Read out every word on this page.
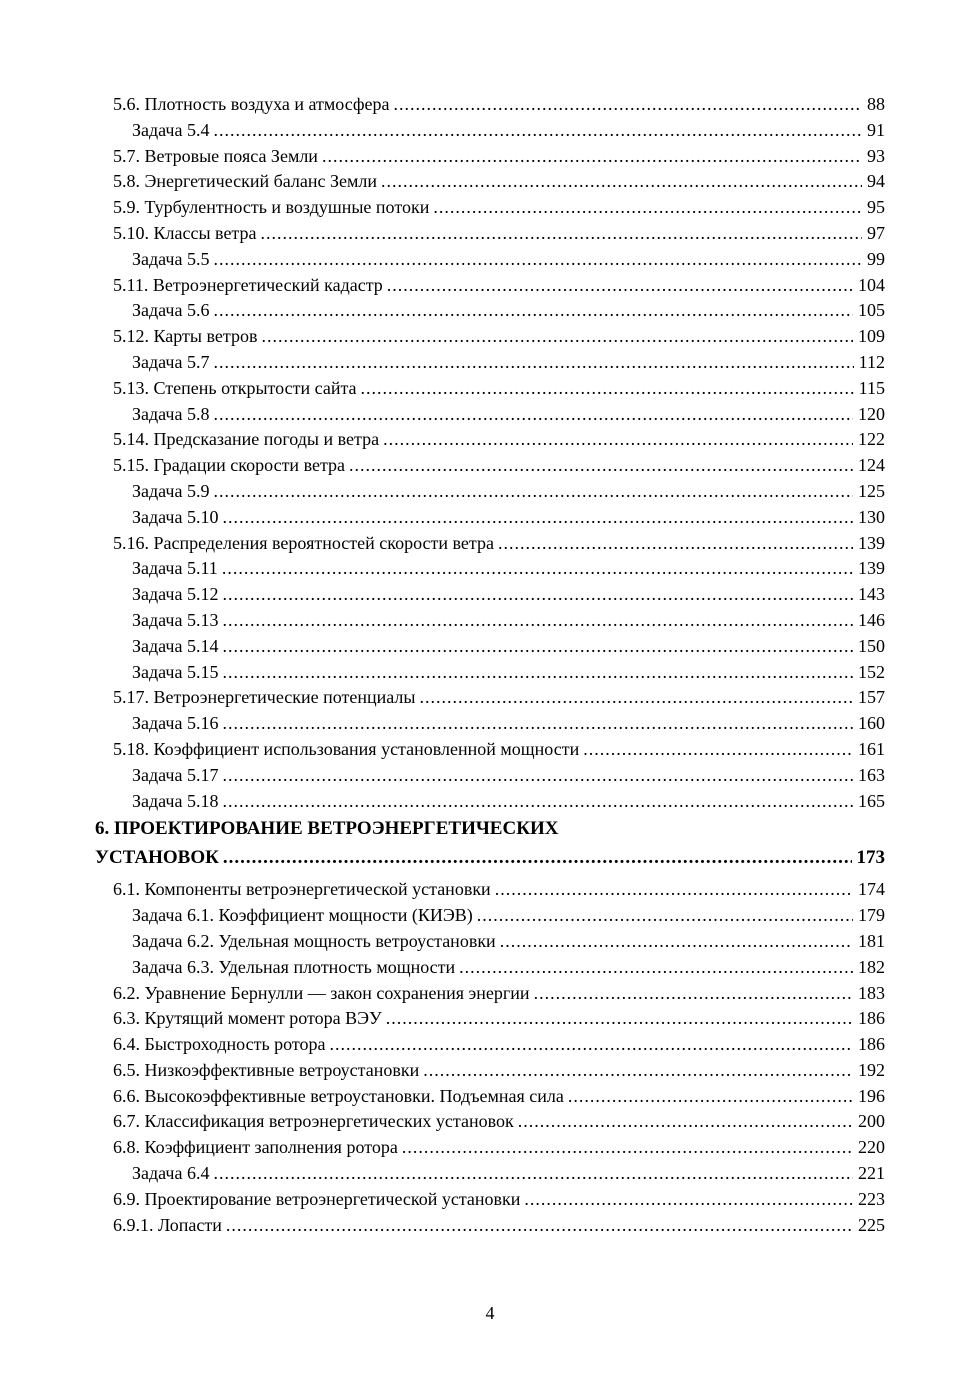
5.6. Плотность воздуха и атмосфера .....	88
Задача 5.4 .....	91
5.7. Ветровые пояса Земли .....	93
5.8. Энергетический баланс Земли .....	94
5.9. Турбулентность и воздушные потоки .....	95
5.10. Классы ветра .....	97
Задача 5.5 .....	99
5.11. Ветроэнергетический кадастр .....	104
Задача 5.6 .....	105
5.12. Карты ветров .....	109
Задача 5.7 .....	112
5.13. Степень открытости сайта .....	115
Задача 5.8 .....	120
5.14. Предсказание погоды и ветра .....	122
5.15. Градации скорости ветра .....	124
Задача 5.9 .....	125
Задача 5.10 .....	130
5.16. Распределения вероятностей скорости ветра .....	139
Задача 5.11 .....	139
Задача 5.12 .....	143
Задача 5.13 .....	146
Задача 5.14 .....	150
Задача 5.15 .....	152
5.17. Ветроэнергетические потенциалы .....	157
Задача 5.16 .....	160
5.18. Коэффициент использования установленной мощности .....	161
Задача 5.17 .....	163
Задача 5.18 .....	165
6. ПРОЕКТИРОВАНИЕ ВЕТРОЭНЕРГЕТИЧЕСКИХ
УСТАНОВОК .....	173
6.1. Компоненты ветроэнергетической установки .....	174
Задача 6.1. Коэффициент мощности (КИЭВ) .....	179
Задача 6.2. Удельная мощность ветроустановки .....	181
Задача 6.3. Удельная плотность мощности .....	182
6.2. Уравнение Бернулли — закон сохранения энергии .....	183
6.3. Крутящий момент ротора ВЭУ .....	186
6.4. Быстроходность ротора .....	186
6.5. Низкоэффективные ветроустановки .....	192
6.6. Высокоэффективные ветроустановки. Подъемная сила .....	196
6.7. Классификация ветроэнергетических установок .....	200
6.8. Коэффициент заполнения ротора .....	220
Задача 6.4 .....	221
6.9. Проектирование ветроэнергетической установки .....	223
6.9.1. Лопасти .....	225
4
